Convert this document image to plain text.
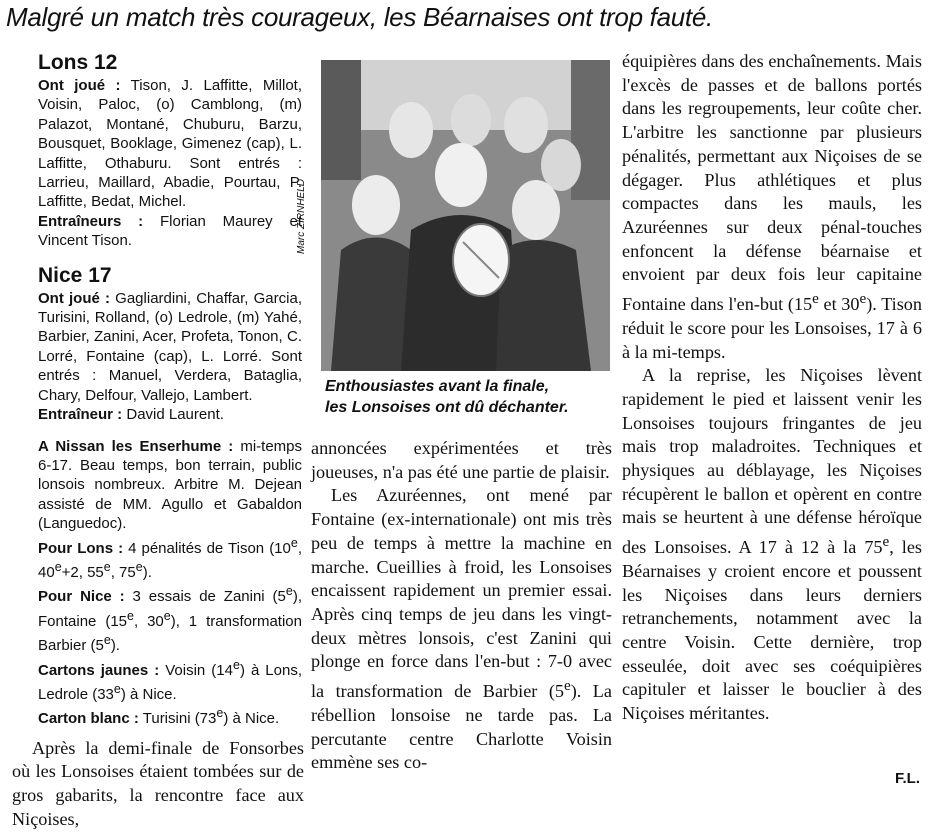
Malgré un match très courageux, les Béarnaises ont trop fauté.
Lons 12

Ont joué : Tison, J. Laffitte, Millot, Voisin, Paloc, (o) Camblong, (m) Palazot, Montané, Chuburu, Barzu, Bousquet, Booklage, Gimenez (cap), L. Laffitte, Othaburu. Sont entrés : Larrieu, Maillard, Abadie, Pourtau, P. Laffitte, Bedat, Michel.

Entraîneurs : Florian Maurey et Vincent Tison.

Nice 17

Ont joué : Gagliardini, Chaffar, Garcia, Turisini, Rolland, (o) Ledrole, (m) Yahé, Barbier, Zanini, Acer, Profeta, Tonon, C. Lorré, Fontaine (cap), L. Lorré. Sont entrés : Manuel, Verdera, Bataglia, Chary, Delfour, Vallejo, Lambert.

Entraîneur : David Laurent.

A Nissan les Enserhume : mi-temps 6-17. Beau temps, bon terrain, public lonsois nombreux. Arbitre M. Dejean assisté de MM. Agullo et Gabaldon (Languedoc).

Pour Lons : 4 pénalités de Tison (10e, $40^e+2$, 55e, 75e).

Pour Nice : 3 essais de Zanini (5e), Fontaine (15e, 30e), 1 transformation Barbier (5e).

Cartons jaunes : Voisin (14e) à Lons, Ledrole (33e) à Nice.

Carton blanc : Turisini (73e) à Nice.

Après la demi-finale de Fonsorbes où les Lonsoises étaient tombées sur de gros gabarits, la rencontre face aux Niçoises,

Marc ZIRNHELD
Enthousiastes avant la finale,
les Lonsoises ont dû déchanter.

annoncées expérimentées et très joueuses, n'a pas été une partie de plaisir.

Les Azuréennes, ont mené par Fontaine (ex-internationale) ont mis très peu de temps à mettre la machine en marche. Cueillies à froid, les Lonsoises encaissent rapidement un premier essai. Après cinq temps de jeu dans les vingt-deux mètres lonsois, c'est Zanini qui plonge en force dans l'en-but : 7-0 avec la transformation de Barbier (5e). La rébellion lonsoise ne tarde pas. La percutante centre Charlotte Voisin emmène ses co-

équipières dans des enchaînements. Mais l'excès de passes et de ballons portés dans les regroupements, leur coûte cher. L'arbitre les sanctionne par plusieurs pénalités, permettant aux Niçoises de se dégager. Plus athlétiques et plus compactes dans les mauls, les Azuréennes sur deux pénal-touches enfoncent la défense béarnaise et envoient par deux fois leur capitaine Fontaine dans l'en-but (15e et 30e). Tison réduit le score pour les Lonsoises, 17 à 6 à la mi-temps.

A la reprise, les Niçoises lèvent rapidement le pied et laissent venir les Lonsoises toujours fringantes de jeu mais trop maladroites. Techniques et physiques au déblayage, les Niçoises récupèrent le ballon et opèrent en contre mais se heurtent à une défense héroïque des Lonsoises. A 17 à 12 à la 75e, les Béarnaises y croient encore et poussent les Niçoises dans leurs derniers retranchements, notamment avec la centre Voisin. Cette dernière, trop esseulée, doit avec ses coéquipières capituler et laisser le bouclier à des Niçoises méritantes.

F.L.
